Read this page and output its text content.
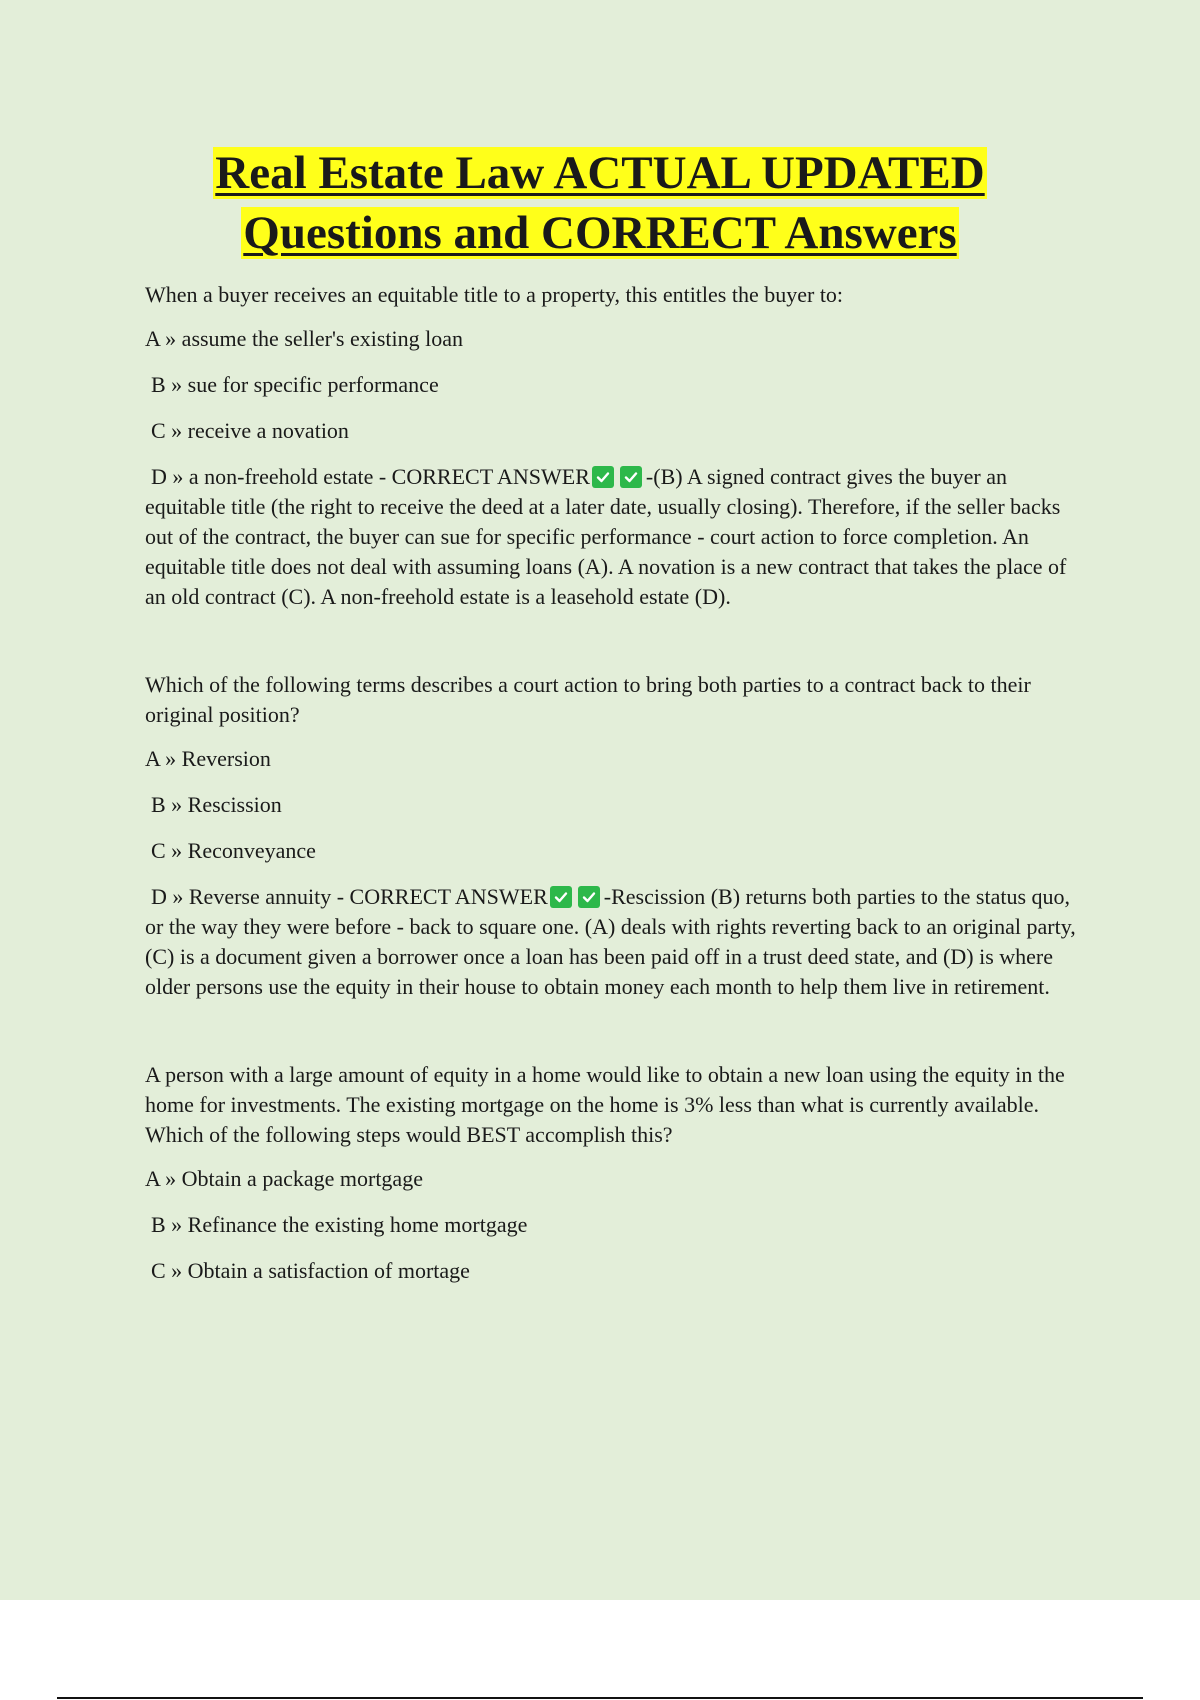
Real Estate Law ACTUAL UPDATED
Questions and CORRECT Answers

When a buyer receives an equitable title to a property, this entitles the buyer to:

A » assume the seller's existing loan

B » sue for specific performance

C » receive a novation

D » a non-freehold estate - CORRECT ANSWER	-(B) A signed contract gives the buyer an equitable title (the right to receive the deed at a later date, usually closing). Therefore, if the seller backs out of the contract, the buyer can sue for specific performance - court action to force completion. An equitable title does not deal with assuming loans (A). A novation is a new contract that takes the place of an old contract (C). A non-freehold estate is a leasehold estate (D).

Which of the following terms describes a court action to bring both parties to a contract back to their original position?

A » Reversion

B » Rescission

C » Reconveyance

D » Reverse annuity - CORRECT ANSWER	-Rescission (B) returns both parties to the status quo, or the way they were before - back to square one. (A) deals with rights reverting back to an original party, (C) is a document given a borrower once a loan has been paid off in a trust deed state, and (D) is where older persons use the equity in their house to obtain money each month to help them live in retirement.

A person with a large amount of equity in a home would like to obtain a new loan using the equity in the home for investments. The existing mortgage on the home is 3% less than what is currently available. Which of the following steps would BEST accomplish this?

A » Obtain a package mortgage

B » Refinance the existing home mortgage

C » Obtain a satisfaction of mortage
